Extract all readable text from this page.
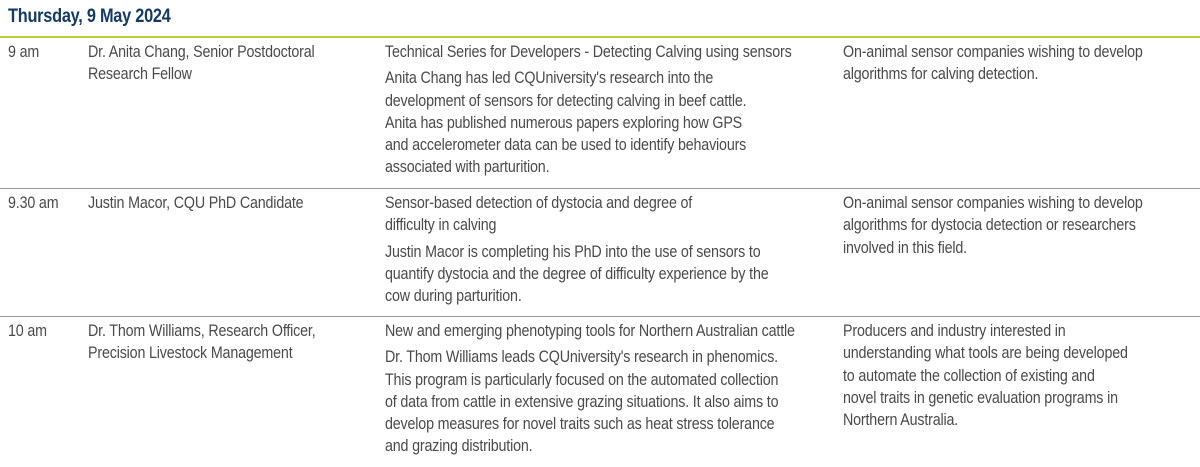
Thursday, 9 May 2024
9 am	Dr. Anita Chang, Senior Postdoctoral
Research Fellow
Technical Series for Developers - Detecting Calving using sensors
Anita Chang has led CQUniversity's research into the
development of sensors for detecting calving in beef cattle.
Anita has published numerous papers exploring how GPS
and accelerometer data can be used to identify behaviours
associated with parturition.
On-animal sensor companies wishing to develop
algorithms for calving detection.
9.30 am Justin Macor, CQU PhD Candidate	Sensor-based detection of dystocia and degree of
difficulty in calving
Justin Macor is completing his PhD into the use of sensors to
quantify dystocia and the degree of difficulty experience by the
cow during parturition.
On-animal sensor companies wishing to develop
algorithms for dystocia detection or researchers
involved in this field.
10 am Dr. Thom Williams, Research Officer,
Precision Livestock Management
New and emerging phenotyping tools for Northern Australian cattle
Dr. Thom Williams leads CQUniversity's research in phenomics.
This program is particularly focused on the automated collection
of data from cattle in extensive grazing situations. It also aims to
develop measures for novel traits such as heat stress tolerance
and grazing distribution.
Producers and industry interested in
understanding what tools are being developed
to automate the collection of existing and
novel traits in genetic evaluation programs in
Northern Australia.
